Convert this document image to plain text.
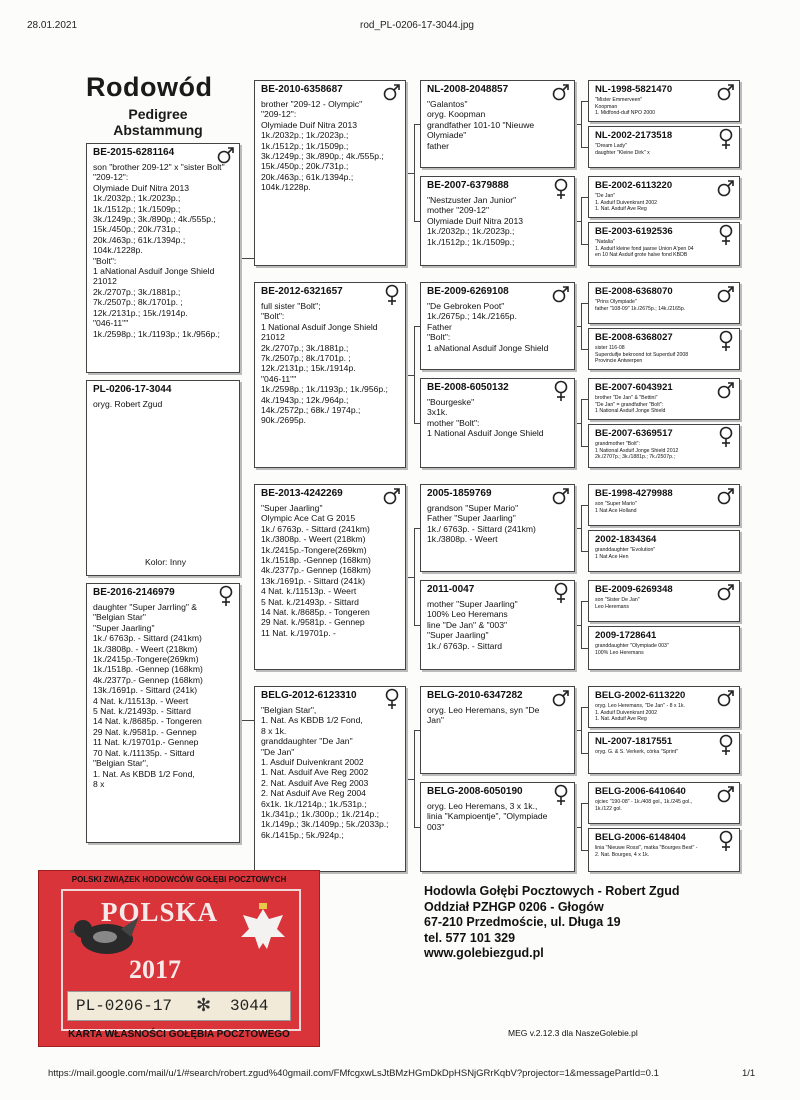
28.01.2021	rod_PL-0206-17-3044.jpg
Rodowód
Pedigree
Abstammung
BE-2015-6281164
son "brother 209-12" x "sister Bolt"
"209-12":
Olymiade Duif Nitra 2013
1k./2032p.; 1k./2023p.;
1k./1512p.; 1k./1509p.;
3k./1249p.; 3k./890p.; 4k./555p.;
15k./450p.; 20k./731p.;
20k./463p.; 61k./1394p.;
104k./1228p.
"Bolt":
1 aNational Asduif Jonge Shield
21012
2k./2707p.; 3k./1881p.;
7k./2507p.; 8k./1701p. ;
12k./2131p.; 15k./1914p.
"046-11""
1k./2598p.; 1k./1193p.; 1k./956p.;
PL-0206-17-3044
oryg. Robert Zgud
Kolor: Inny
BE-2016-2146979
daughter "Super Jarrling" &
"Belgian Star"
"Super Jaarling"
1k./ 6763p. - Sittard (241km)
1k./3808p. - Weert (218km)
1k./2415p.-Tongere(269km)
1k./1518p. -Gennep (168km)
4k./2377p.- Gennep (168km)
13k./1691p. - Sittard (241k)
4 Nat. k./11513p. - Weert
5 Nat. k./21493p. - Sittard
14 Nat. k./8685p. - Tongeren
29 Nat. k./9581p. - Gennep
11 Nat. k./19701p.- Gennep
70 Nat. k./11135p. - Sittard
"Belgian Star",
1. Nat. As KBDB 1/2 Fond,
8 x
BE-2010-6358687
brother "209-12 - Olympic"
"209-12":
Olymiade Duif Nitra 2013
1k./2032p.; 1k./2023p.;
1k./1512p.; 1k./1509p.;
3k./1249p.; 3k./890p.; 4k./555p.;
15k./450p.; 20k./731p.;
20k./463p.; 61k./1394p.;
104k./1228p.
BE-2012-6321657
full sister "Bolt";
"Bolt":
1 National Asduif Jonge Shield
21012
2k./2707p.; 3k./1881p.;
7k./2507p.; 8k./1701p. ;
12k./2131p.; 15k./1914p.
"046-11""
1k./2598p.; 1k./1193p.; 1k./956p.;
4k./1943p.; 12k./964p.;
14k./2572p.; 68k./ 1974p.;
90k./2695p.
BE-2013-4242269
"Super Jaarling"
Olympic Ace Cat G 2015
1k./ 6763p. - Sittard (241km)
1k./3808p. - Weert (218km)
1k./2415p.-Tongere(269km)
1k./1518p. -Gennep (168km)
4k./2377p.- Gennep (168km)
13k./1691p. - Sittard (241k)
4 Nat. k./11513p. - Weert
5 Nat. k./21493p. - Sittard
14 Nat. k./8685p. - Tongeren
29 Nat. k./9581p. - Gennep
11 Nat. k./19701p. -
BELG-2012-6123310
"Belgian Star",
1. Nat. As KBDB 1/2 Fond,
8 x 1k.
granddaughter "De Jan"
"De Jan"
1. Asduif Duivenkrant 2002
1. Nat. Asduif Ave Reg 2002
2. Nat. Asduif Ave Reg 2003
2. Nat Asduif Ave Reg 2004
6x1k. 1k./1214p.; 1k./531p.;
1k./341p.; 1k./300p.; 1k./214p.;
1k./149p.; 3k./1409p.; 5k./2033p.;
6k./1415p.; 5k./924p.;
NL-2008-2048857
"Galantos"
oryg. Koopman
grandfather 101-10 "Nieuwe
Olymiade"
father
BE-2007-6379888
"Nestzuster Jan Junior"
mother "209-12"
Olymiade Duif Nitra 2013
1k./2032p.; 1k./2023p.;
1k./1512p.; 1k./1509p.;
BE-2009-6269108
"De Gebroken Poot"
1k./2675p.; 14k./2165p.
Father
"Bolt":
1 aNational Asduif Jonge Shield
BE-2008-6050132
"Bourgeske"
3x1k.
mother "Bolt":
1 National Asduif Jonge Shield
2005-1859769
grandson "Super Mario"
Father "Super Jaarling"
1k./ 6763p. - Sittard (241km)
1k./3808p. - Weert
2011-0047
mother "Super Jaarling"
100% Leo Heremans
line "De Jan" & "003"
"Super Jaarling"
1k./ 6763p. - Sittard
BELG-2010-6347282
oryg. Leo Heremans, syn "De
Jan"
BELG-2008-6050190
oryg. Leo Heremans, 3 x 1k.,
linia "Kampioentje", "Olympiade
003"
NL-1998-5821470
"Mister Emmerveen"
Koopman
1. Midfond-duif NPO 2000
NL-2002-2173518
"Dream Lady"
daughter "Kleine Dirk" x
BE-2002-6113220
"De Jan"
1. Asduif Duivenkrant 2002
1. Nat. Asduif Ave Reg
BE-2003-6192536
"Natalia"
1. Asduif kleine fond jaarse Union A'pen 04
en 10 Nat Asduif grote halve fond KBDB
BE-2008-6368070
"Prins Olympiade"
father "108-09" 1k./2675p.; 14k./2165p.
BE-2008-6368027
sister 116-08
Superduifje bekroond tot Superduif 2008
Provincie Antwerpen
BE-2007-6043921
brother "De Jan" & "Bettini"
"De Jan" = grandfather "Bolt":
1 National Asduif Jonge Shield
BE-2007-6369517
grandmother "Bolt":
1 National Asduif Jonge Shield 2012
2k./2707p.; 3k./1881p.; 7k./2507p.;
BE-1998-4279988
son "Super Mario"
1 Nat Ace Holland
2002-1834364
granddaughter "Evolution"
1 Nat Ace Hen
BE-2009-6269348
son "Sister De Jan"
Leo Heremans
2009-1728641
granddaughter "Olympiade 003"
100% Leo Heremans
BELG-2002-6113220
oryg. Leo Heremans, "De Jan" - 8 x 1k.
1. Asduif Duivenkrant 2002
1. Nat. Asduif Ave Reg
NL-2007-1817551
oryg. G. & S. Verkerk, córka "Sprint"
BELG-2006-6410640
ojciec "190-08" - 1k./408 gol., 1k./245 gol.,
1k./122 gol.
BELG-2006-6148404
linia "Nieuwe Rossi", matka "Bourges Best" -
2. Nat. Bourges, 4 x 1k.
POLSKI ZWIĄZEK HODOWCÓW GOŁĘBI POCZTOWYCH
POLSKA
2017
PL-0206-17 ✻ 3044
KARTA WŁASNOŚCI GOŁĘBIA POCZTOWEGO
Hodowla Gołębi Pocztowych - Robert Zgud
Oddział PZHGP 0206 - Głogów
67-210 Przedmoście, ul. Długa 19
tel. 577 101 329
www.golebiezgud.pl
MEG v.2.12.3 dla NaszeGolebie.pl
https://mail.google.com/mail/u/1/#search/robert.zgud%40gmail.com/FMfcgxwLsJtBMzHGmDkDpHSNjGRrKqbV?projector=1&messagePartId=0.1	1/1
